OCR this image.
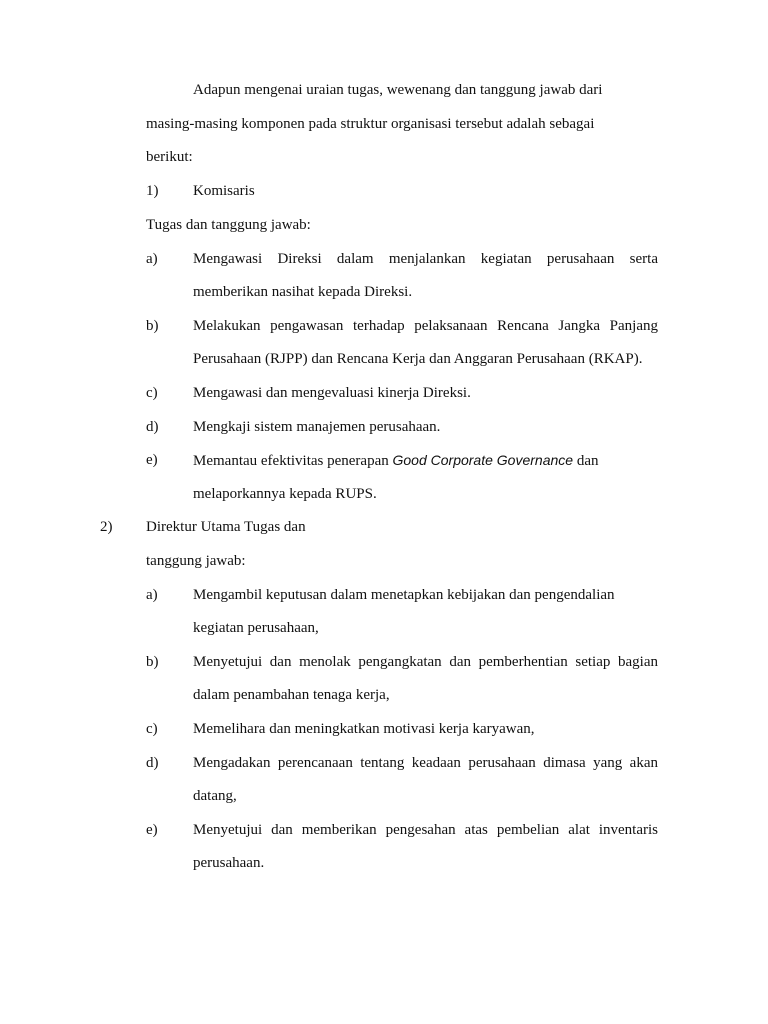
Adapun mengenai uraian tugas, wewenang dan tanggung jawab dari
masing-masing komponen pada struktur organisasi tersebut adalah sebagai
berikut:
1) Komisaris
Tugas dan tanggung jawab:
a) Mengawasi Direksi dalam menjalankan kegiatan perusahaan serta
memberikan nasihat kepada Direksi.
b) Melakukan pengawasan terhadap pelaksanaan Rencana Jangka Panjang
Perusahaan (RJPP) dan Rencana Kerja dan Anggaran Perusahaan (RKAP).
c) Mengawasi dan mengevaluasi kinerja Direksi.
d) Mengkaji sistem manajemen perusahaan.
e) Memantau efektivitas penerapan Good Corporate Governance dan
melaporkannya kepada RUPS.
2) Direktur Utama Tugas dan
tanggung jawab:
a) Mengambil keputusan dalam menetapkan kebijakan dan pengendalian
kegiatan perusahaan,
b) Menyetujui dan menolak pengangkatan dan pemberhentian setiap bagian
dalam penambahan tenaga kerja,
c) Memelihara dan meningkatkan motivasi kerja karyawan,
d) Mengadakan perencanaan tentang keadaan perusahaan dimasa yang akan
datang,
e) Menyetujui dan memberikan pengesahan atas pembelian alat inventaris
perusahaan.
